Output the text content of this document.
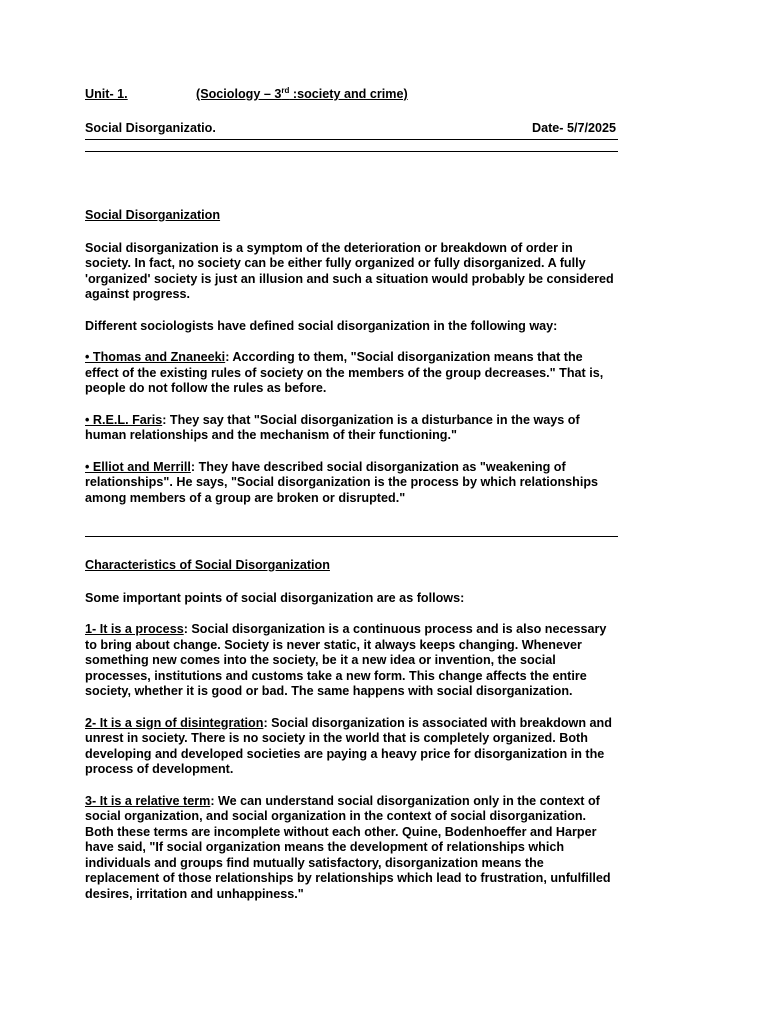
Unit- 1.	(Sociology – 3rd :society and crime)
Social Disorganizatio.	Date- 5/7/2025

Social Disorganization

Social disorganization is a symptom of the deterioration or breakdown of order in society. In fact, no society can be either fully organized or fully disorganized. A fully 'organized' society is just an illusion and such a situation would probably be considered against progress.

Different sociologists have defined social disorganization in the following way:

• Thomas and Znaneeki: According to them, "Social disorganization means that the effect of the existing rules of society on the members of the group decreases." That is, people do not follow the rules as before.

• R.E.L. Faris: They say that "Social disorganization is a disturbance in the ways of human relationships and the mechanism of their functioning."

• Elliot and Merrill: They have described social disorganization as "weakening of relationships". He says, "Social disorganization is the process by which relationships among members of a group are broken or disrupted."

Characteristics of Social Disorganization

Some important points of social disorganization are as follows:

1- It is a process: Social disorganization is a continuous process and is also necessary to bring about change. Society is never static, it always keeps changing. Whenever something new comes into the society, be it a new idea or invention, the social processes, institutions and customs take a new form. This change affects the entire society, whether it is good or bad. The same happens with social disorganization.

2- It is a sign of disintegration: Social disorganization is associated with breakdown and unrest in society. There is no society in the world that is completely organized. Both developing and developed societies are paying a heavy price for disorganization in the process of development.

3- It is a relative term: We can understand social disorganization only in the context of social organization, and social organization in the context of social disorganization. Both these terms are incomplete without each other. Quine, Bodenhoeffer and Harper have said, "If social organization means the development of relationships which individuals and groups find mutually satisfactory, disorganization means the replacement of those relationships by relationships which lead to frustration, unfulfilled desires, irritation and unhappiness."
